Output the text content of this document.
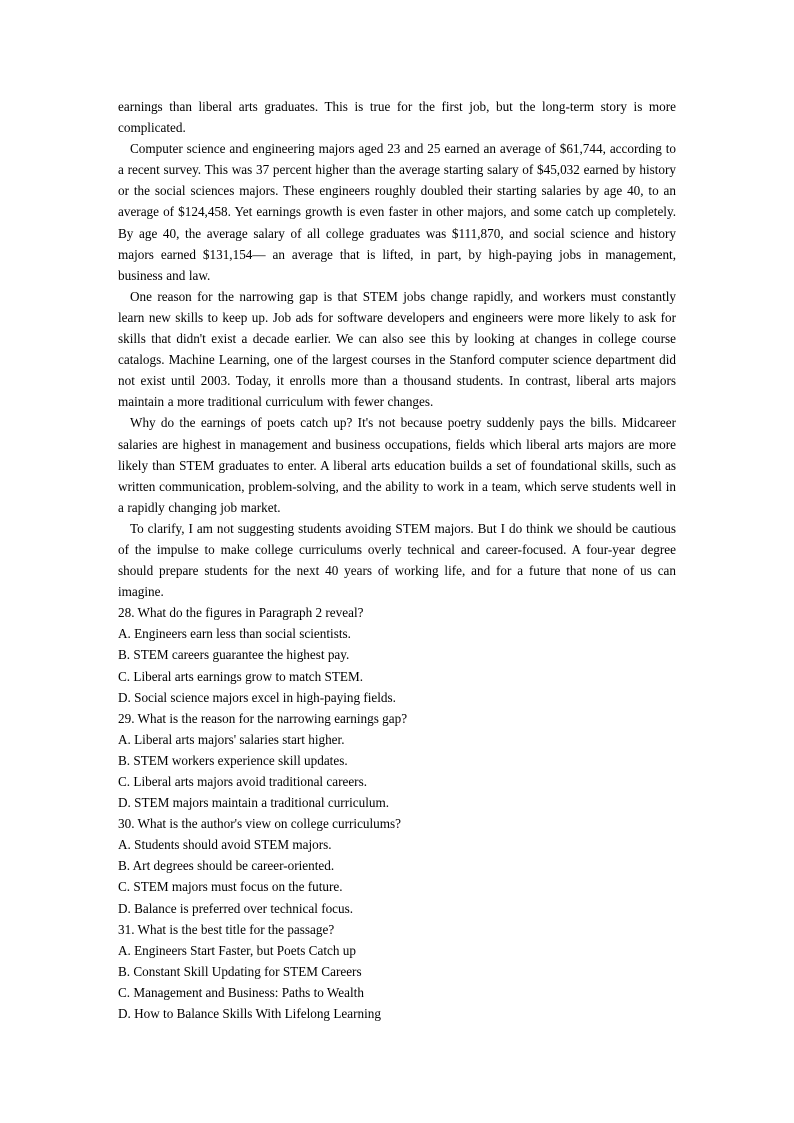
earnings than liberal arts graduates. This is true for the first job, but the long-term story is more complicated.

Computer science and engineering majors aged 23 and 25 earned an average of $61,744, according to a recent survey. This was 37 percent higher than the average starting salary of $45,032 earned by history or the social sciences majors. These engineers roughly doubled their starting salaries by age 40, to an average of $124,458. Yet earnings growth is even faster in other majors, and some catch up completely. By age 40, the average salary of all college graduates was $111,870, and social science and history majors earned $131,154— an average that is lifted, in part, by high-paying jobs in management, business and law.

One reason for the narrowing gap is that STEM jobs change rapidly, and workers must constantly learn new skills to keep up. Job ads for software developers and engineers were more likely to ask for skills that didn't exist a decade earlier. We can also see this by looking at changes in college course catalogs. Machine Learning, one of the largest courses in the Stanford computer science department did not exist until 2003. Today, it enrolls more than a thousand students. In contrast, liberal arts majors maintain a more traditional curriculum with fewer changes.

Why do the earnings of poets catch up? It's not because poetry suddenly pays the bills. Midcareer salaries are highest in management and business occupations, fields which liberal arts majors are more likely than STEM graduates to enter. A liberal arts education builds a set of foundational skills, such as written communication, problem-solving, and the ability to work in a team, which serve students well in a rapidly changing job market.

To clarify, I am not suggesting students avoiding STEM majors. But I do think we should be cautious of the impulse to make college curriculums overly technical and career-focused. A four-year degree should prepare students for the next 40 years of working life, and for a future that none of us can imagine.

28. What do the figures in Paragraph 2 reveal?

A. Engineers earn less than social scientists.

B. STEM careers guarantee the highest pay.

C. Liberal arts earnings grow to match STEM.

D. Social science majors excel in high-paying fields.

29. What is the reason for the narrowing earnings gap?

A. Liberal arts majors' salaries start higher.

B. STEM workers experience skill updates.

C. Liberal arts majors avoid traditional careers.

D. STEM majors maintain a traditional curriculum.

30. What is the author's view on college curriculums?

A. Students should avoid STEM majors.

B. Art degrees should be career-oriented.

C. STEM majors must focus on the future.

D. Balance is preferred over technical focus.

31. What is the best title for the passage?

A. Engineers Start Faster, but Poets Catch up

B. Constant Skill Updating for STEM Careers

C. Management and Business: Paths to Wealth

D. How to Balance Skills With Lifelong Learning
